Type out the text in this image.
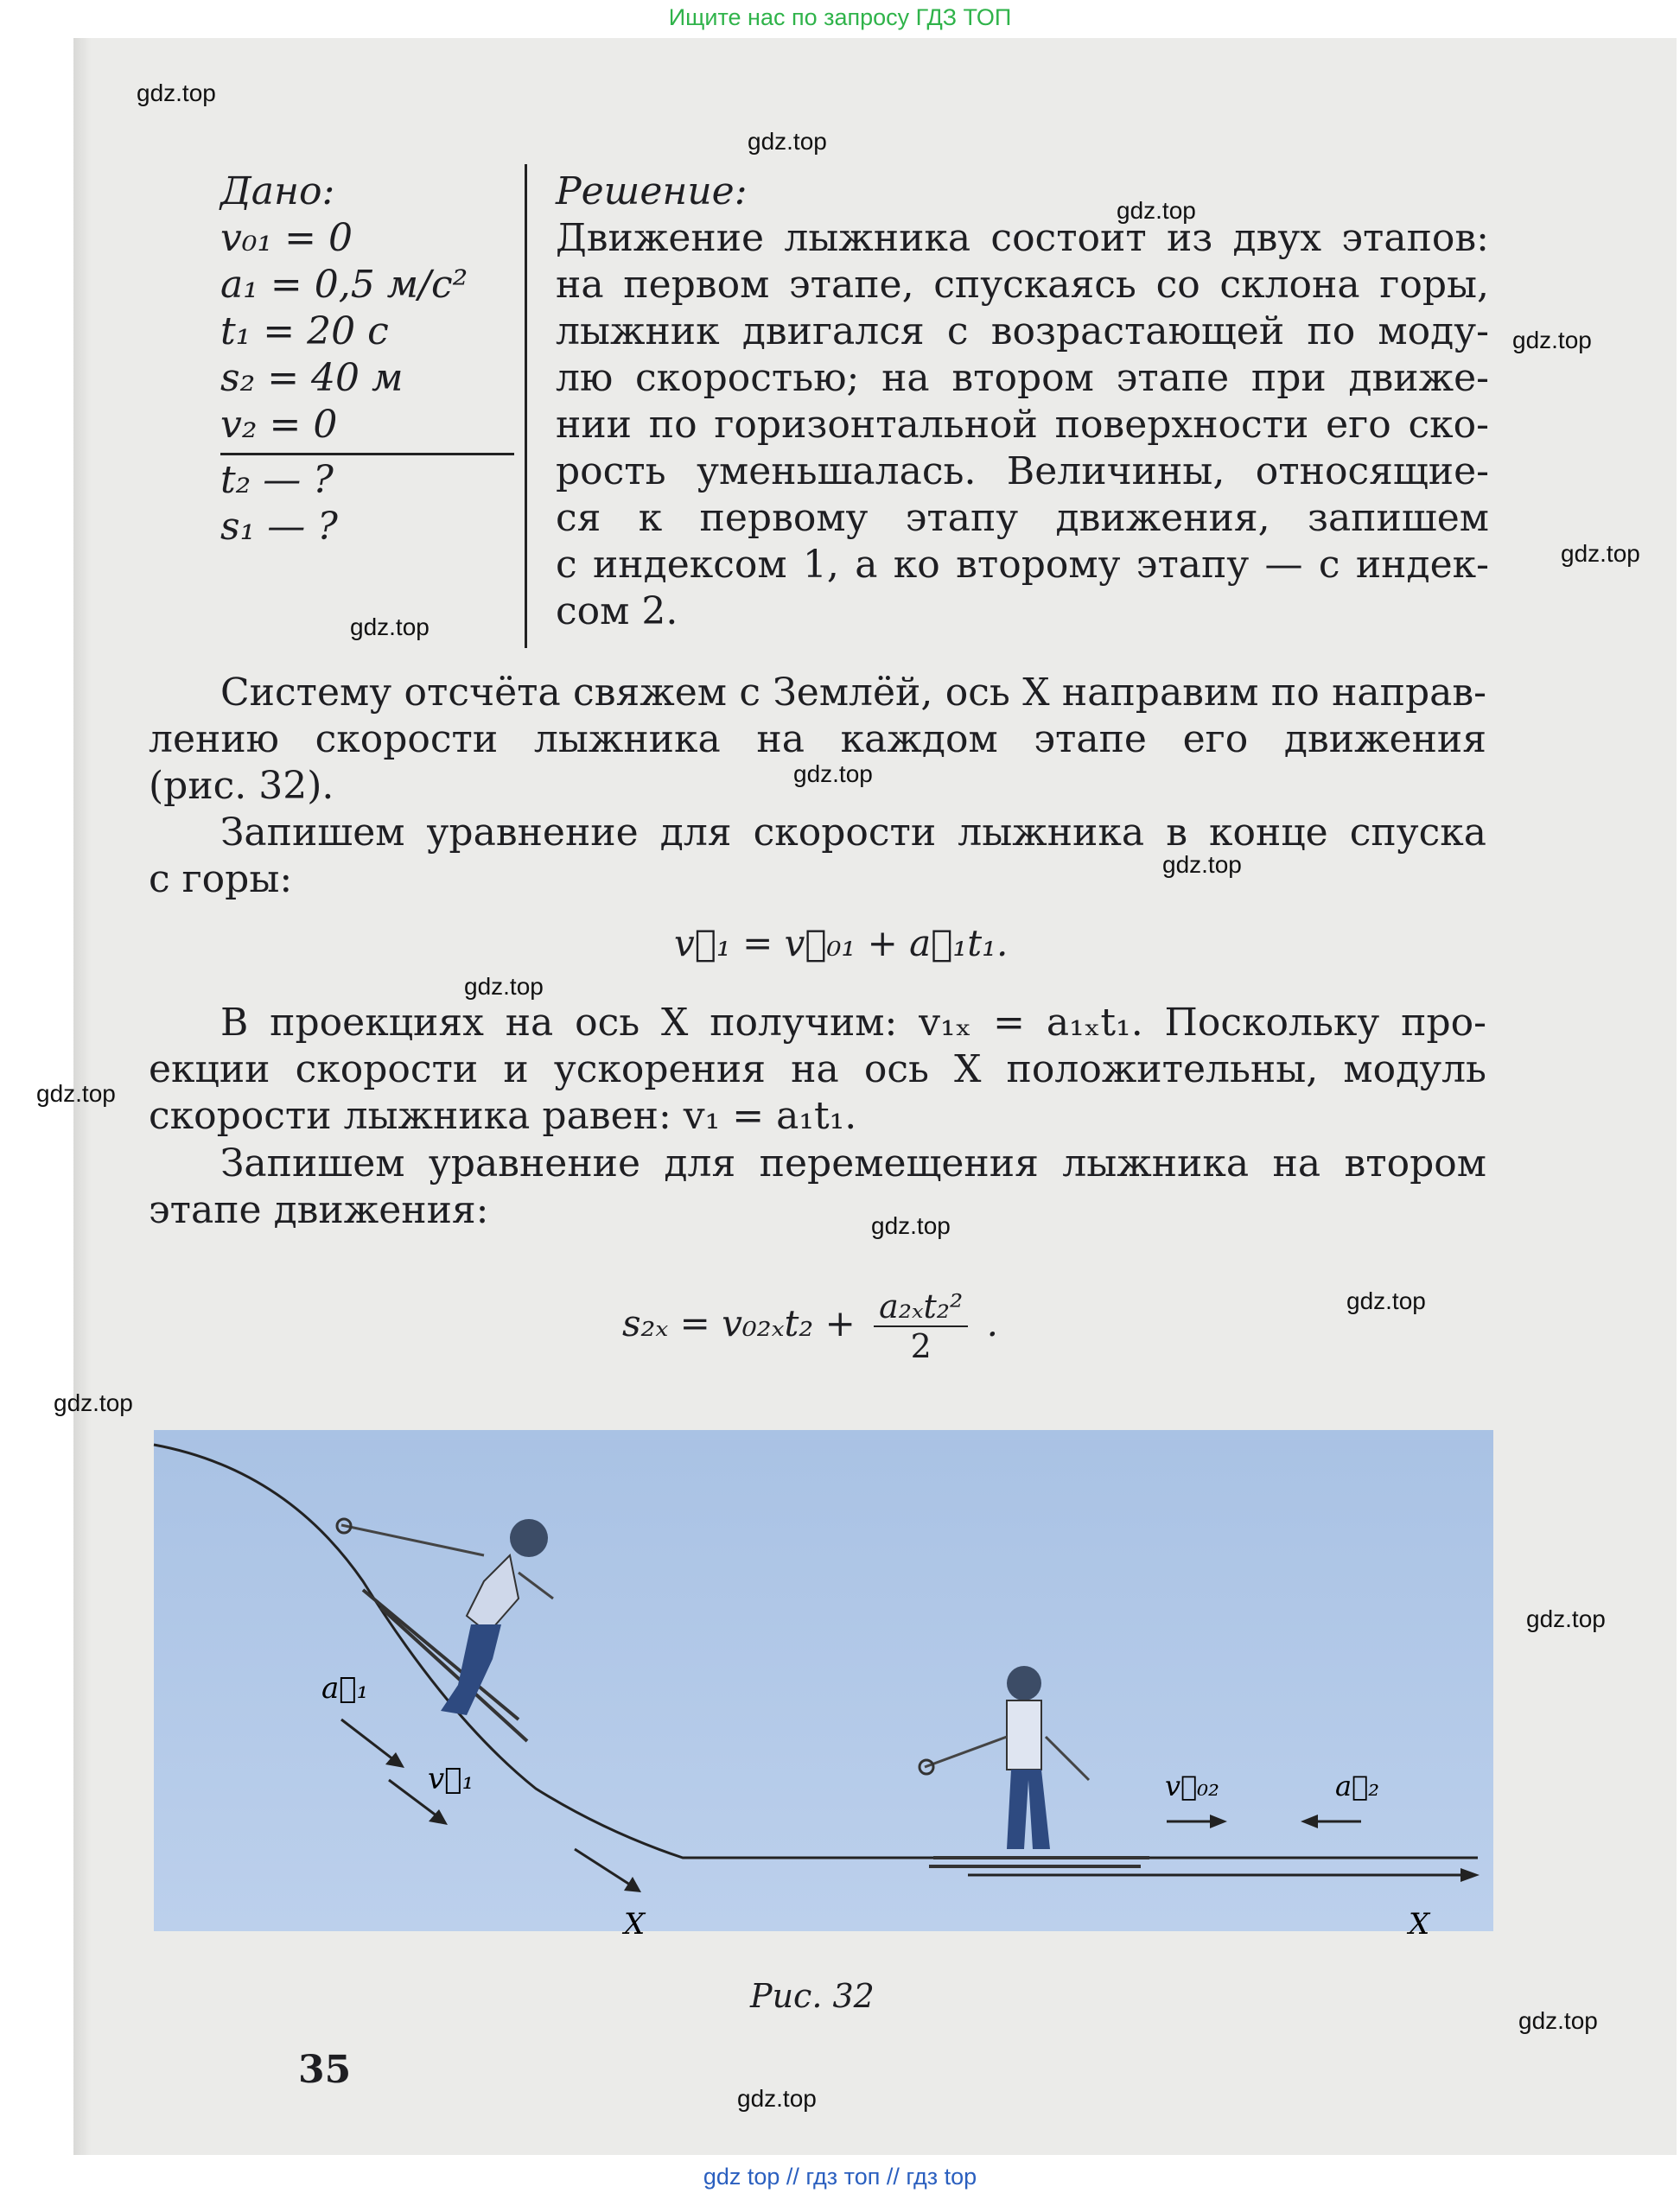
Ищите нас по запросу ГДЗ ТОП
gdz.top
gdz.top
gdz.top
gdz.top
gdz.top
gdz.top
gdz.top
gdz.top
gdz.top
gdz.top
gdz.top
gdz.top
gdz.top
gdz.top
gdz.top
gdz.top
Дано:
v₀₁ = 0
a₁ = 0,5 м/с²
t₁ = 20 с
s₂ = 40 м
v₂ = 0
t₂ — ?
s₁ — ?
Решение:
Движение лыжника состоит из двух этапов:
на первом этапе, спускаясь со склона горы,
лыжник двигался с возрастающей по моду-
лю скоростью; на втором этапе при движе-
нии по горизонтальной поверхности его ско-
рость уменьшалась. Величины, относящие-
ся к первому этапу движения, запишем
с индексом 1, а ко второму этапу — с индек-
сом 2.
Систему отсчёта свяжем с Землёй, ось X направим по направ-
лению скорости лыжника на каждом этапе его движения
(рис. 32).
Запишем уравнение для скорости лыжника в конце спуска
с горы:
v⃗₁ = v⃗₀₁ + a⃗₁t₁.
В проекциях на ось X получим: v₁ₓ = a₁ₓt₁. Поскольку про-
екции скорости и ускорения на ось X положительны, модуль
скорости лыжника равен: v₁ = a₁t₁.
Запишем уравнение для перемещения лыжника на втором
этапе движения:
$s_{2x} = v_{02x}t_2 + \frac{\text{a₂ₓt₂²}}{2}$ .
a⃗₁
v⃗₁	v⃗₀₂	a⃗₂
X	X
Рис. 32
35
gdz top // гдз топ // гдз top
